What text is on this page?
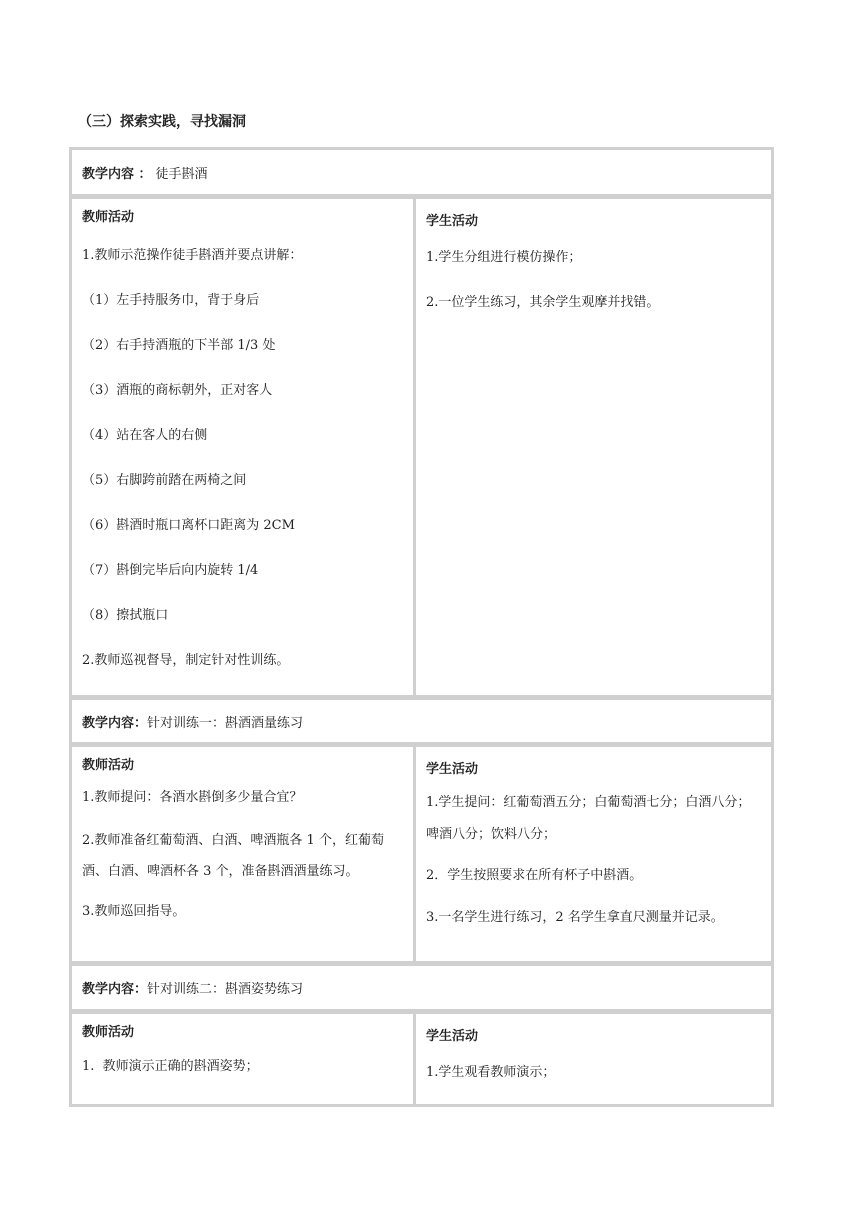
（三）探索实践，寻找漏洞
教学内容 ： 徒手斟酒
教师活动

1.教师示范操作徒手斟酒并要点讲解：

（1）左手持服务巾，背于身后

（2）右手持酒瓶的下半部 1/3 处

（3）酒瓶的商标朝外，正对客人

（4）站在客人的右侧

（5）右脚跨前踏在两椅之间

（6）斟酒时瓶口离杯口距离为 2CM

（7）斟倒完毕后向内旋转 1/4

（8）擦拭瓶口

2.教师巡视督导，制定针对性训练。

学生活动

1.学生分组进行模仿操作；

2.一位学生练习，其余学生观摩并找错。

教学内容： 针对训练一：斟酒酒量练习
教师活动

1.教师提问：各酒水斟倒多少量合宜？

2.教师准备红葡萄酒、白酒、啤酒瓶各 1 个，红葡萄酒、白酒、啤酒杯各 3 个，准备斟酒酒量练习。

3.教师巡回指导。

学生活动

1.学生提问：红葡萄酒五分；白葡萄酒七分；白酒八分；啤酒八分；饮料八分；

2．学生按照要求在所有杯子中斟酒。

3.一名学生进行练习，2 名学生拿直尺测量并记录。

教学内容： 针对训练二：斟酒姿势练习
教师活动

1.  教师演示正确的斟酒姿势；

学生活动

1.学生观看教师演示；
